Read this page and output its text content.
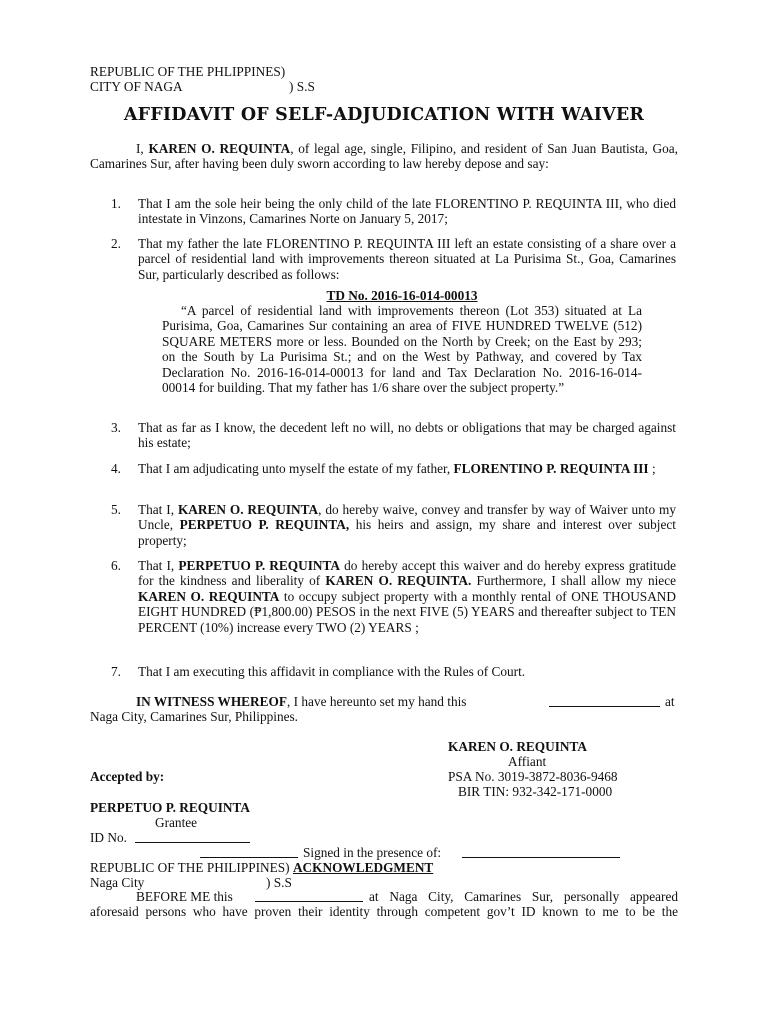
REPUBLIC OF THE PHLIPPINES)
CITY OF NAGA	) S.S
AFFIDAVIT OF SELF-ADJUDICATION WITH WAIVER
I, KAREN O. REQUINTA, of legal age, single, Filipino, and resident of San Juan Bautista, Goa, Camarines Sur, after having been duly sworn according to law hereby depose and say:
1.	That I am the sole heir being the only child of the late FLORENTINO P. REQUINTA III, who died intestate in Vinzons, Camarines Norte on January 5, 2017;
2.	That my father the late FLORENTINO P. REQUINTA III left an estate consisting of a share over a parcel of residential land with improvements thereon situated at La Purisima St., Goa, Camarines Sur, particularly described as follows:
TD No. 2016-16-014-00013
“A parcel of residential land with improvements thereon (Lot 353) situated at La Purisima, Goa, Camarines Sur containing an area of FIVE HUNDRED TWELVE (512) SQUARE METERS more or less. Bounded on the North by Creek; on the East by 293; on the South by La Purisima St.; and on the West by Pathway, and covered by Tax Declaration No. 2016-16-014-00013 for land and Tax Declaration No. 2016-16-014-00014 for building. That my father has 1/6 share over the subject property.”
3.	That as far as I know, the decedent left no will, no debts or obligations that may be charged against his estate;
4.	That I am adjudicating unto myself the estate of my father, FLORENTINO P. REQUINTA III ;
5.	That I, KAREN O. REQUINTA, do hereby waive, convey and transfer by way of Waiver unto my Uncle, PERPETUO P. REQUINTA, his heirs and assign, my share and interest over subject property;
6.	That I, PERPETUO P. REQUINTA do hereby accept this waiver and do hereby express gratitude for the kindness and liberality of KAREN O. REQUINTA. Furthermore, I shall allow my niece KAREN O. REQUINTA to occupy subject property with a monthly rental of ONE THOUSAND EIGHT HUNDRED (₱1,800.00) PESOS in the next FIVE (5) YEARS and thereafter subject to TEN PERCENT (10%) increase every TWO (2) YEARS ;
7.	That I am executing this affidavit in compliance with the Rules of Court.
IN WITNESS WHEREOF, I have hereunto set my hand this	at
Naga City, Camarines Sur, Philippines.
KAREN O. REQUINTA
Affiant
PSA No. 3019-3872-8036-9468
BIR TIN: 932-342-171-0000
Accepted by:
PERPETUO P. REQUINTA
Grantee
ID No.
Signed in the presence of:
REPUBLIC OF THE PHILIPPINES) ACKNOWLEDGMENT
Naga City	) S.S
BEFORE ME this	at Naga City, Camarines Sur, personally appeared
aforesaid persons who have proven their identity through competent gov’t ID known to me to be the
